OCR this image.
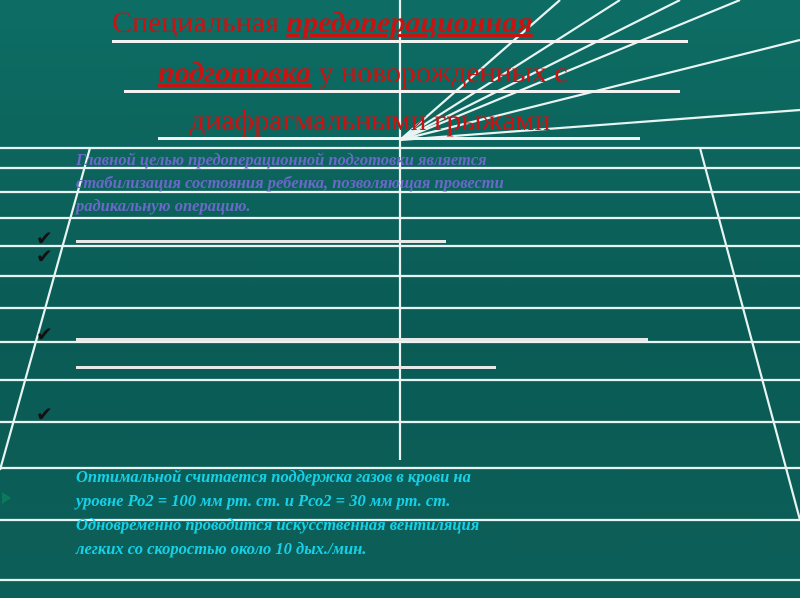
Специальная предоперационная
подготовка у новорожденных с
диафрагмальными грыжами
Главной целью предоперационной подготовки является
стабилизация состояния ребенка, позволяющая провести
радикальную операцию.
✔
✔
✔
✔
Оптимальной считается поддержка газов в крови на
уровне Ро2 = 100 мм рт. ст. и Рсо2 = 30 мм рт. ст.
Одновременно проводится искусственная вентиляция
легких со скоростью около 10 дых./мин.
